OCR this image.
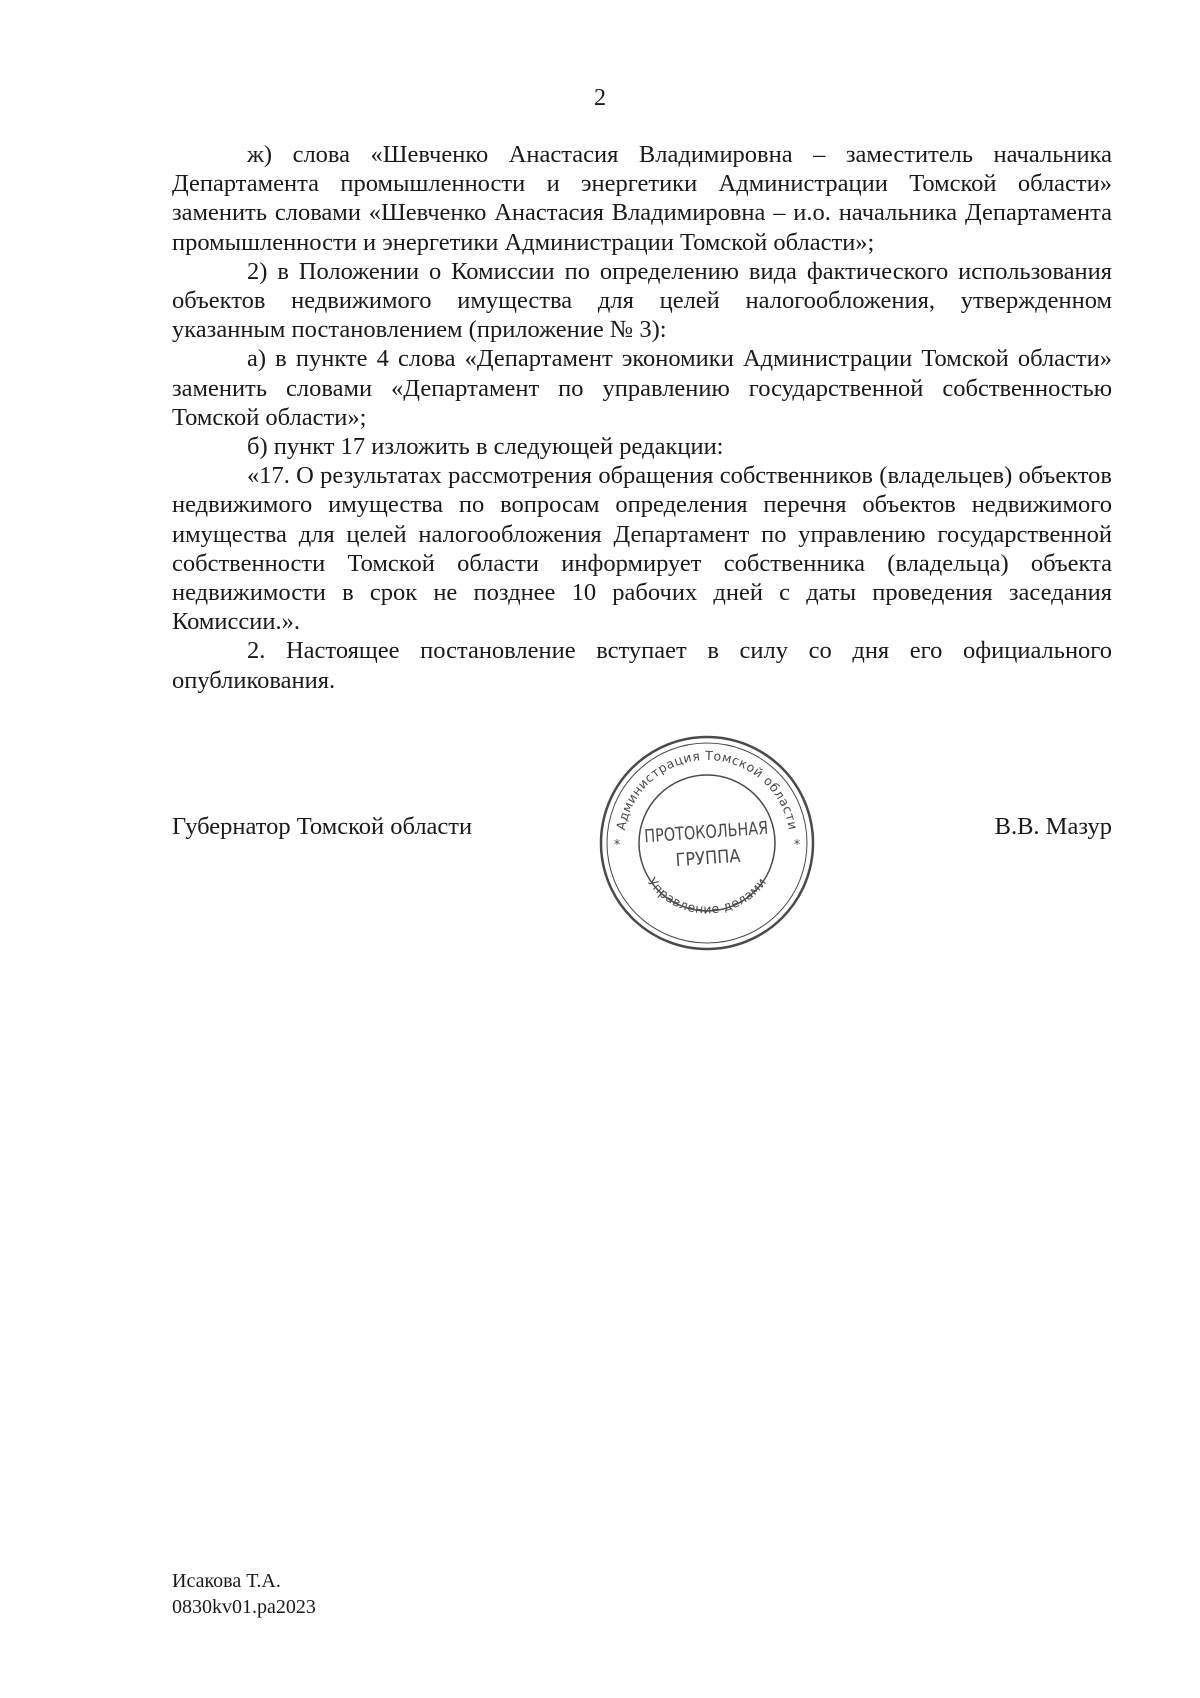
2

ж) слова «Шевченко Анастасия Владимировна – заместитель начальника Департамента промышленности и энергетики Администрации Томской области» заменить словами «Шевченко Анастасия Владимировна – и.о. начальника Департамента промышленности и энергетики Администрации Томской области»;

2) в Положении о Комиссии по определению вида фактического использования объектов недвижимого имущества для целей налогообложения, утвержденном указанным постановлением (приложение № 3):

а) в пункте 4 слова «Департамент экономики Администрации Томской области» заменить словами «Департамент по управлению государственной собственностью Томской области»;

б) пункт 17 изложить в следующей редакции:

«17. О результатах рассмотрения обращения собственников (владельцев) объектов недвижимого имущества по вопросам определения перечня объектов недвижимого имущества для целей налогообложения Департамент по управлению государственной собственности Томской области информирует собственника (владельца) объекта недвижимости в срок не позднее 10 рабочих дней с даты проведения заседания Комиссии.».

2. Настоящее постановление вступает в силу со дня его официального опубликования.

Губернатор Томской области	В.В. Мазур
Администрация Томской области
Управление делами
ПРОТОКОЛЬНАЯ
ГРУППА
*	*
Исакова Т.А.
0830kv01.pa2023
